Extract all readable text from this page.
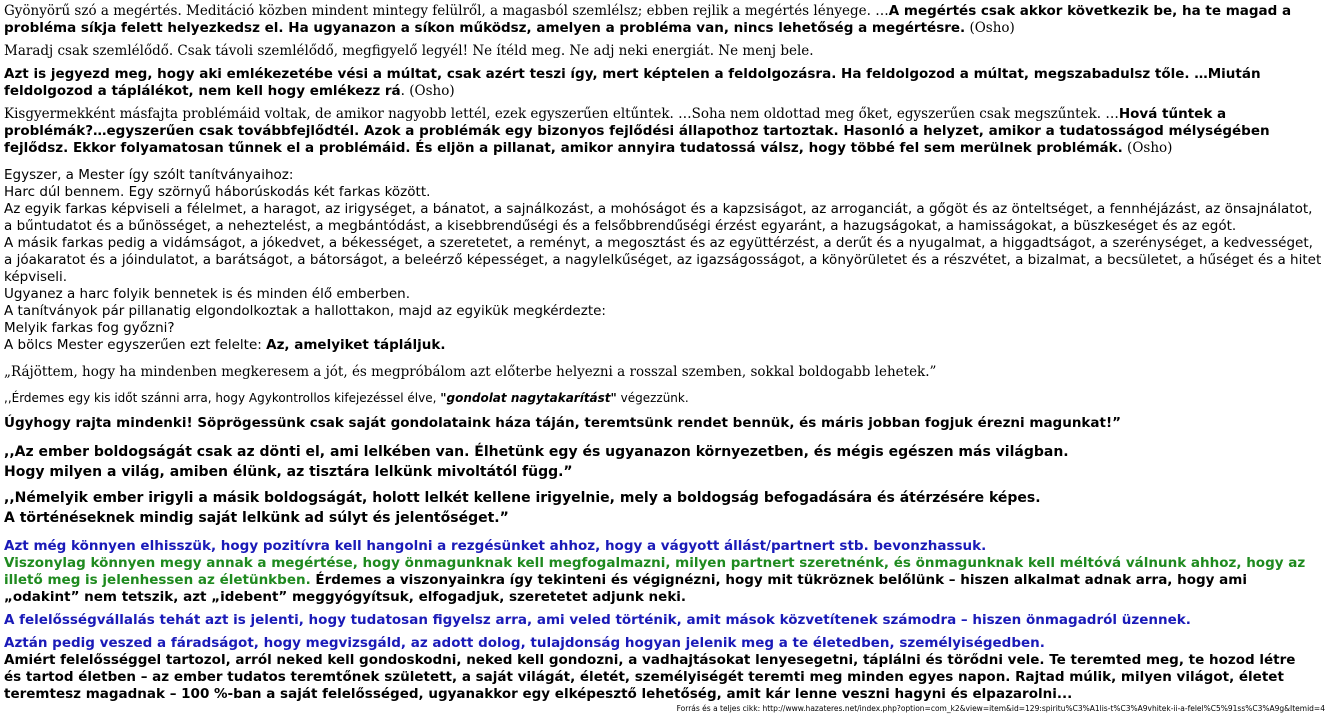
Gyönyörű szó a megértés. Meditáció közben mindent mintegy felülről, a magasból szemlélsz; ebben rejlik a megértés lényege. …A megértés csak akkor következik be, ha te magad a probléma síkja felett helyezkedsz el. Ha ugyanazon a síkon működsz, amelyen a probléma van, nincs lehetőség a megértésre. (Osho)

Maradj csak szemlélődő. Csak távoli szemlélődő, megfigyelő legyél! Ne ítéld meg. Ne adj neki energiát. Ne menj bele.

Azt is jegyezd meg, hogy aki emlékezetébe vési a múltat, csak azért teszi így, mert képtelen a feldolgozásra. Ha feldolgozod a múltat, megszabadulsz tőle. …Miután feldolgozod a táplálékot, nem kell hogy emlékezz rá. (Osho)

Kisgyermekként másfajta problémáid voltak, de amikor nagyobb lettél, ezek egyszerűen eltűntek. …Soha nem oldottad meg őket, egyszerűen csak megszűntek. …Hová tűntek a problémák?…egyszerűen csak továbbfejlődtél. Azok a problémák egy bizonyos fejlődési állapothoz tartoztak. Hasonló a helyzet, amikor a tudatosságod mélységében fejlődsz. Ekkor folyamatosan tűnnek el a problémáid. És eljön a pillanat, amikor annyira tudatossá válsz, hogy többé fel sem merülnek problémák. (Osho)

Egyszer, a Mester így szólt tanítványaihoz:

Harc dúl bennem. Egy szörnyű háborúskodás két farkas között.

Az egyik farkas képviseli a félelmet, a haragot, az irigységet, a bánatot, a sajnálkozást, a mohóságot és a kapzsiságot, az arroganciát, a gőgöt és az önteltséget, a fennhéjázást, az önsajnálatot, a bűntudatot és a bűnösséget, a neheztelést, a megbántódást, a kisebbrendűségi és a felsőbbrendűségi érzést egyaránt, a hazugságokat, a hamisságokat, a büszkeséget és az egót.

A másik farkas pedig a vidámságot, a jókedvet, a békességet, a szeretetet, a reményt, a megosztást és az együttérzést, a derűt és a nyugalmat, a higgadtságot, a szerénységet, a kedvességet, a jóakaratot és a jóindulatot, a barátságot, a bátorságot, a beleérző képességet, a nagylelkűséget, az igazságosságot, a könyörületet és a részvétet, a bizalmat, a becsületet, a hűséget és a hitet képviseli.

Ugyanez a harc folyik bennetek is és minden élő emberben.

A tanítványok pár pillanatig elgondolkoztak a hallottakon, majd az egyikük megkérdezte:

Melyik farkas fog győzni?

A bölcs Mester egyszerűen ezt felelte: Az, amelyiket tápláljuk.

„Rájöttem, hogy ha mindenben megkeresem a jót, és megpróbálom azt előterbe helyezni a rosszal szemben, sokkal boldogabb lehetek.”

,,Érdemes egy kis időt szánni arra, hogy Agykontrollos kifejezéssel élve, "gondolat nagytakarítást" végezzünk.

Úgyhogy rajta mindenki! Söprögessünk csak saját gondolataink háza táján, teremtsünk rendet bennük, és máris jobban fogjuk érezni magunkat!”

,,Az ember boldogságát csak az dönti el, ami lelkében van. Élhetünk egy és ugyanazon környezetben, és mégis egészen más világban.

Hogy milyen a világ, amiben élünk, az tisztára lelkünk mivoltától függ.”

,,Némelyik ember irigyli a másik boldogságát, holott lelkét kellene irigyelnie, mely a boldogság befogadására és átérzésére képes.

A történéseknek mindig saját lelkünk ad súlyt és jelentőséget.”

Azt még könnyen elhisszük, hogy pozitívra kell hangolni a rezgésünket ahhoz, hogy a vágyott állást/partnert stb. bevonzhassuk.

Viszonylag könnyen megy annak a megértése, hogy önmagunknak kell megfogalmazni, milyen partnert szeretnénk, és önmagunknak kell méltóvá válnunk ahhoz, hogy az illető meg is jelenhessen az életünkben. Érdemes a viszonyainkra így tekinteni és végignézni, hogy mit tükröznek belőlünk – hiszen alkalmat adnak arra, hogy ami „odakint” nem tetszik, azt „idebent” meggyógyítsuk, elfogadjuk, szeretetet adjunk neki.

A felelősségvállalás tehát azt is jelenti, hogy tudatosan figyelsz arra, ami veled történik, amit mások közvetítenek számodra – hiszen önmagadról üzennek.

Aztán pedig veszed a fáradságot, hogy megvizsgáld, az adott dolog, tulajdonság hogyan jelenik meg a te életedben, személyiségedben.

Amiért felelősséggel tartozol, arról neked kell gondoskodni, neked kell gondozni, a vadhajtásokat lenyesegetni, táplálni és törődni vele. Te teremted meg, te hozod létre és tartod életben – az ember tudatos teremtőnek született, a saját világát, életét, személyiségét teremti meg minden egyes napon. Rajtad múlik, milyen világot, életet teremtesz magadnak – 100 %-ban a saját felelősséged, ugyanakkor egy elképesztő lehetőség, amit kár lenne veszni hagyni és elpazarolni...

Forrás és a teljes cikk: http://www.hazateres.net/index.php?option=com_k2&view=item&id=129:spiritu%C3%A1lis-t%C3%A9vhitek-ii-a-felel%C5%91ss%C3%A9g&Itemid=4
